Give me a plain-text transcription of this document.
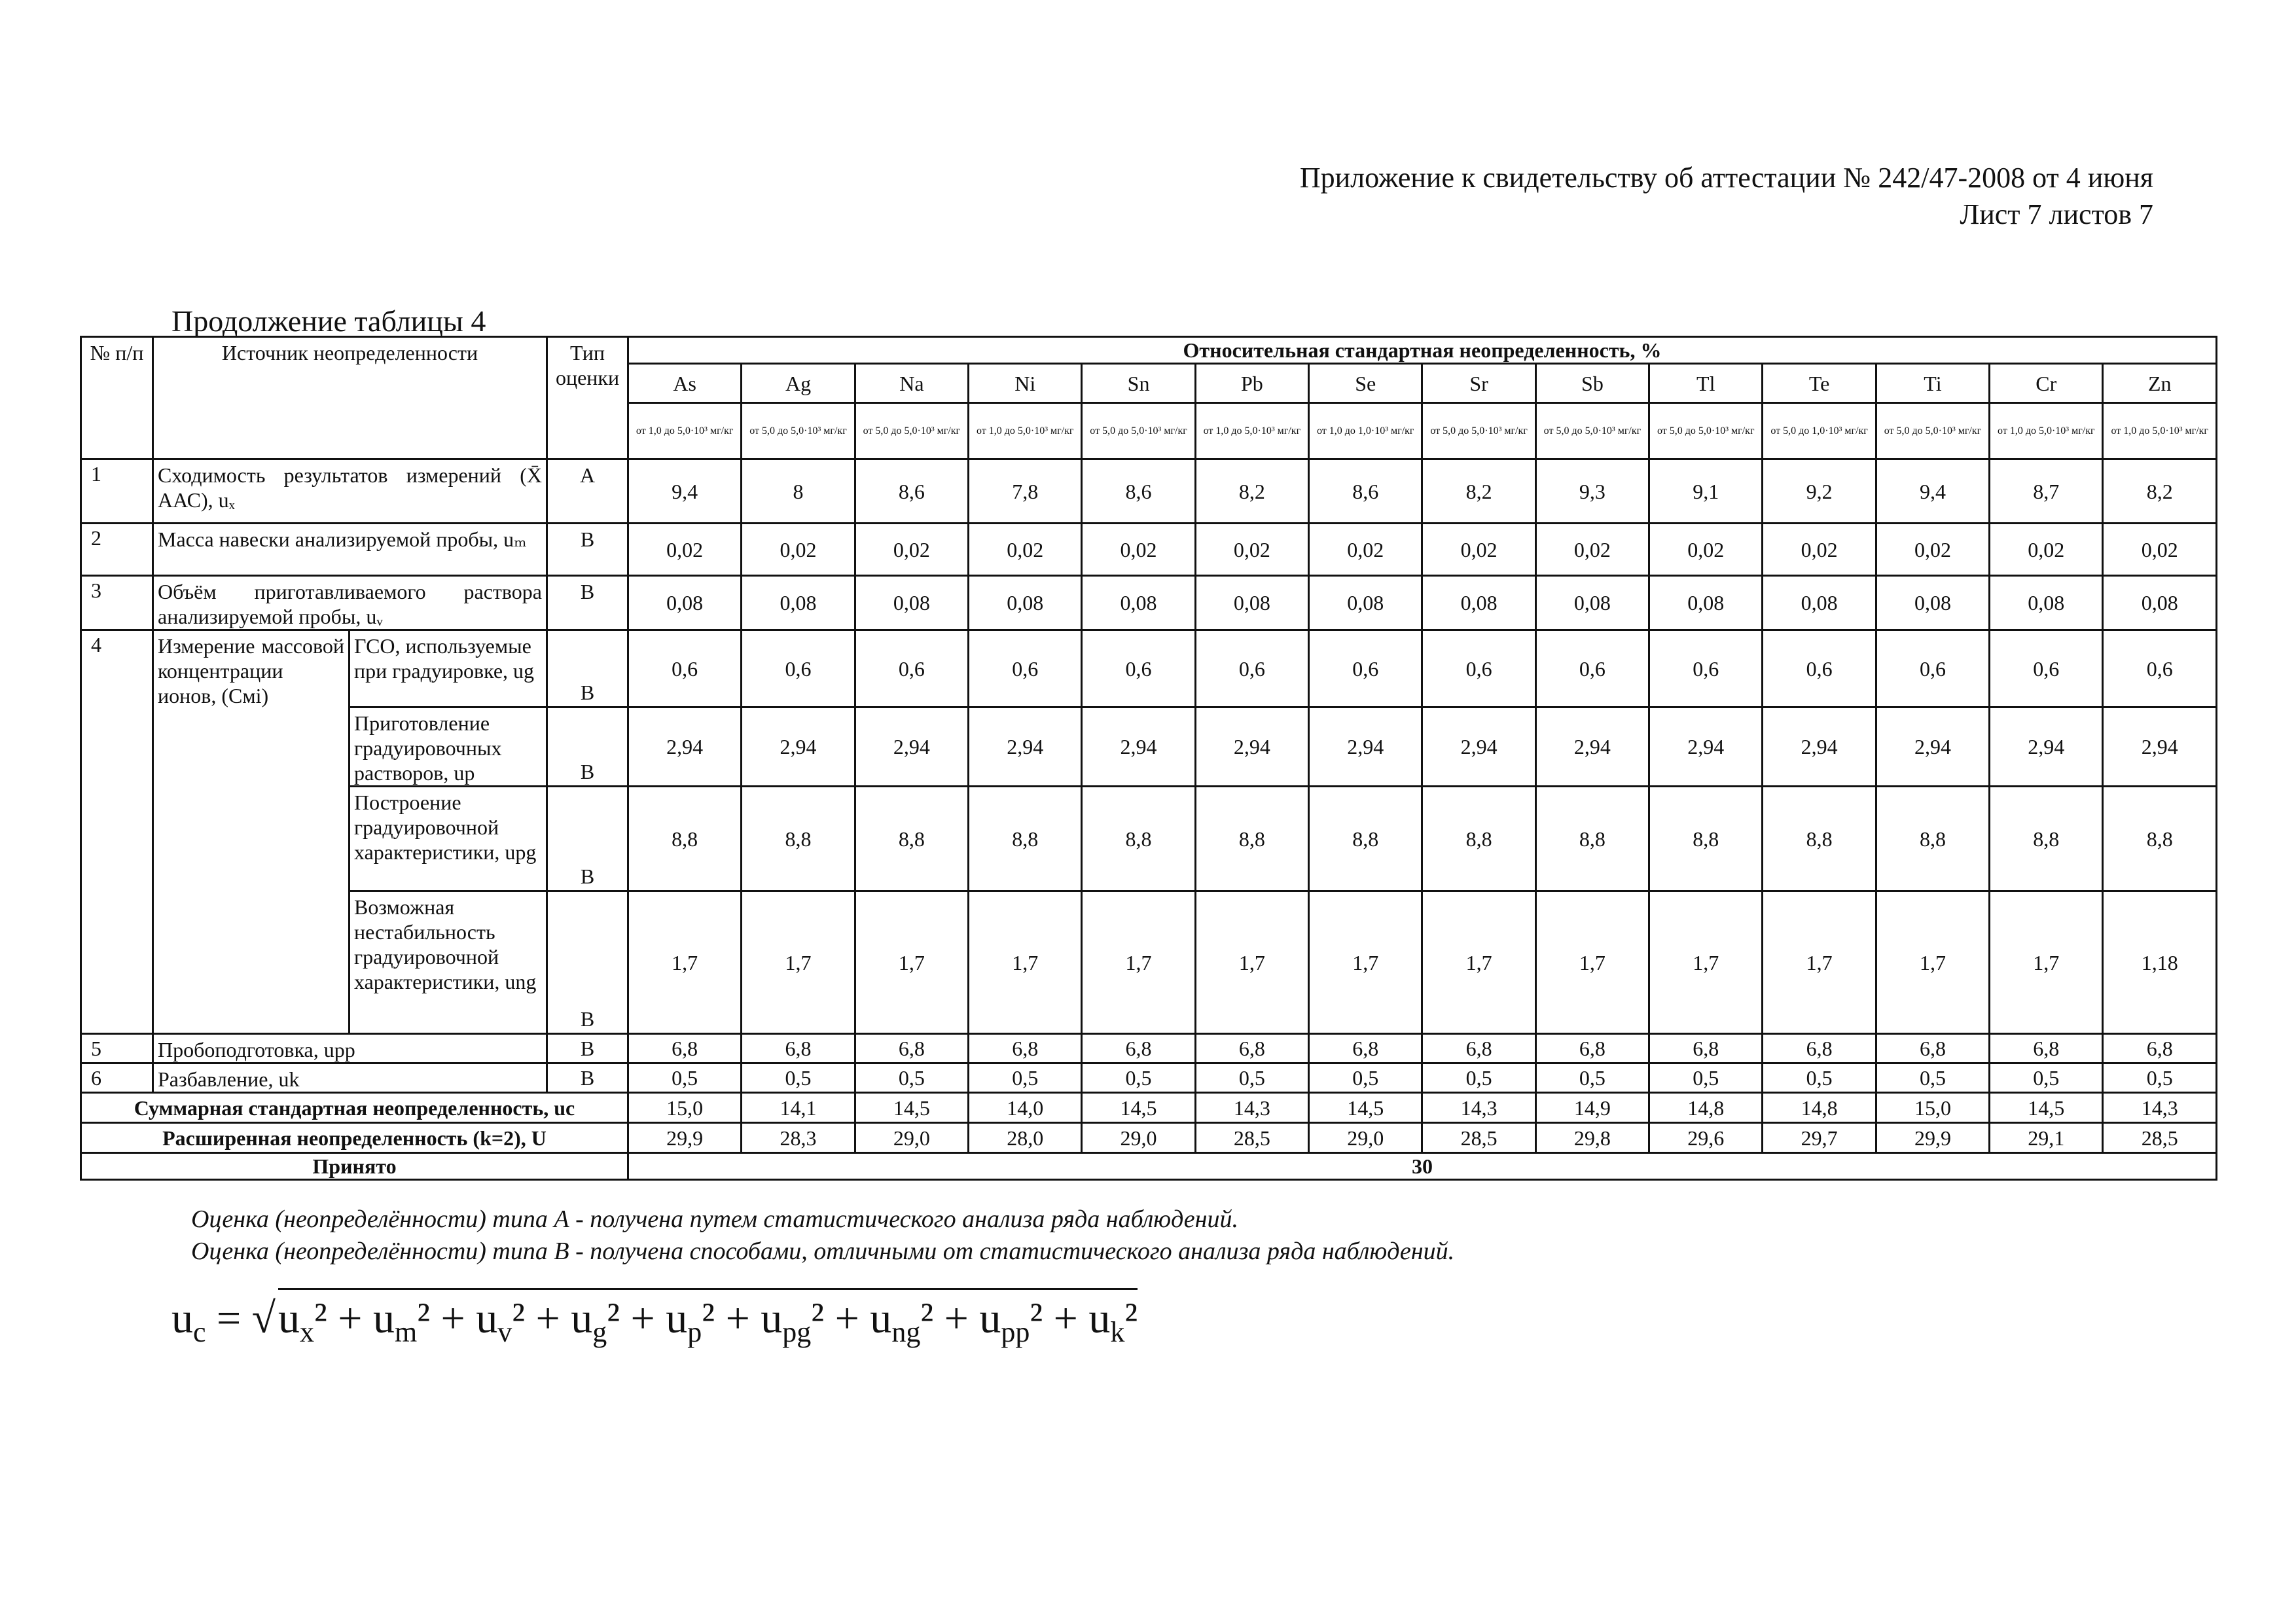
Приложение к свидетельству об аттестации № 242/47-2008 от 4 июня
Лист 7 листов 7
Продолжение таблицы 4
№ п/п	Источник неопределенности		Тип оценки	Относительная стандартная неопределенность, %													
				As	Ag	Na	Ni	Sn	Pb	Se	Sr	Sb	Tl	Te	Ti	Cr	Zn
				от 1,0 до 5,0·10³ мг/кг	от 5,0 до 5,0·10³ мг/кг	от 5,0 до 5,0·10³ мг/кг	от 1,0 до 5,0·10³ мг/кг	от 5,0 до 5,0·10³ мг/кг	от 1,0 до 5,0·10³ мг/кг	от 1,0 до 1,0·10³ мг/кг	от 5,0 до 5,0·10³ мг/кг	от 5,0 до 5,0·10³ мг/кг	от 5,0 до 5,0·10³ мг/кг	от 5,0 до 1,0·10³ мг/кг	от 5,0 до 5,0·10³ мг/кг	от 1,0 до 5,0·10³ мг/кг	от 1,0 до 5,0·10³ мг/кг
1	Сходимость результатов измерений (X̄ ААС), uₓ		А	9,4	8	8,6	7,8	8,6	8,2	8,6	8,2	9,3	9,1	9,2	9,4	8,7	8,2
2	Масса навески анализируемой пробы, uₘ		В	0,02	0,02	0,02	0,02	0,02	0,02	0,02	0,02	0,02	0,02	0,02	0,02	0,02	0,02
3	Объём приготавливаемого раствора анализируемой пробы, uᵥ		В	0,08	0,08	0,08	0,08	0,08	0,08	0,08	0,08	0,08	0,08	0,08	0,08	0,08	0,08
4	Измерение массовой концентрации ионов, (Cмі)	ГСО, используемые при градуировке, ug	В	0,6	0,6	0,6	0,6	0,6	0,6	0,6	0,6	0,6	0,6	0,6	0,6	0,6	0,6
		Приготовление градуировочных растворов, up	В	2,94	2,94	2,94	2,94	2,94	2,94	2,94	2,94	2,94	2,94	2,94	2,94	2,94	2,94
		Построение градуировочной характеристики, upg	В	8,8	8,8	8,8	8,8	8,8	8,8	8,8	8,8	8,8	8,8	8,8	8,8	8,8	8,8
		Возможная нестабильность градуировочной характеристики, ung	В	1,7	1,7	1,7	1,7	1,7	1,7	1,7	1,7	1,7	1,7	1,7	1,7	1,7	1,18
5	Пробоподготовка, upp		В	6,8	6,8	6,8	6,8	6,8	6,8	6,8	6,8	6,8	6,8	6,8	6,8	6,8	6,8
6	Разбавление, uk		В	0,5	0,5	0,5	0,5	0,5	0,5	0,5	0,5	0,5	0,5	0,5	0,5	0,5	0,5
Суммарная стандартная неопределенность, uc				15,0	14,1	14,5	14,0	14,5	14,3	14,5	14,3	14,9	14,8	14,8	15,0	14,5	14,3
Расширенная неопределенность (k=2), U				29,9	28,3	29,0	28,0	29,0	28,5	29,0	28,5	29,8	29,6	29,7	29,9	29,1	28,5
Принято				30													
Оценка (неопределённости) типа А - получена путем статистического анализа ряда наблюдений.
Оценка (неопределённости) типа В - получена способами, отличными от статистического анализа ряда наблюдений.
$u_c = √u_x^2 + u_m^2 + u_v^2 + u_g^2 + u_p^2 + u_{pg}^2 + u_{ng}^2 + u_{pp}^2 + u_k^2$
